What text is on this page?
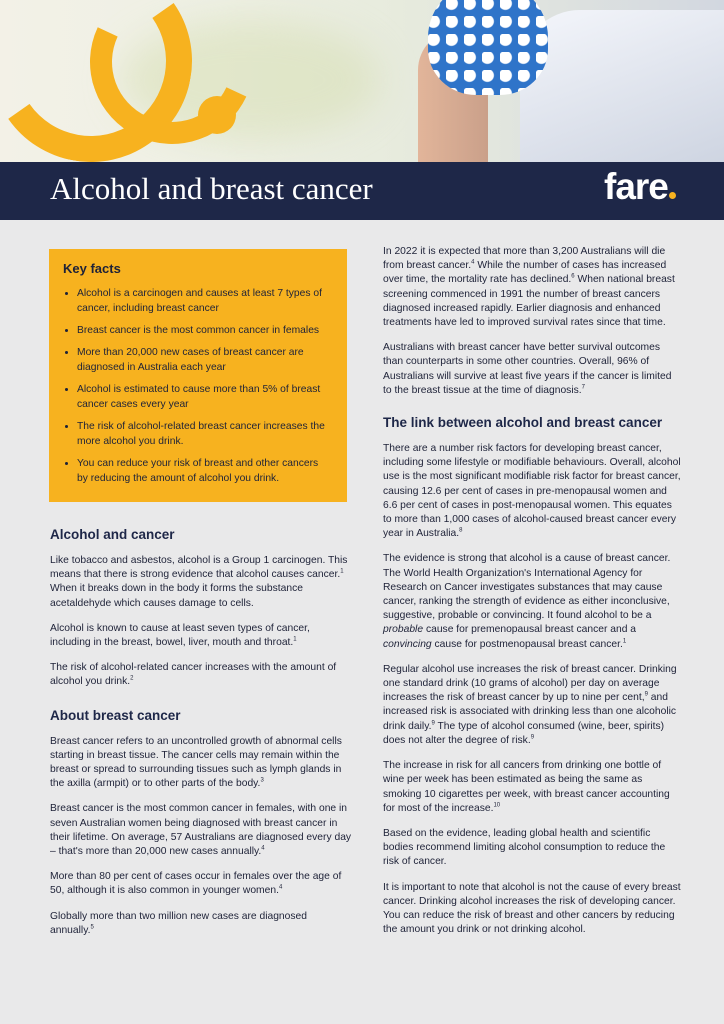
Alcohol and breast cancer	fare
Key facts
• Alcohol is a carcinogen and causes at least 7 types of cancer, including breast cancer
• Breast cancer is the most common cancer in females
• More than 20,000 new cases of breast cancer are diagnosed in Australia each year
• Alcohol is estimated to cause more than 5% of breast cancer cases every year
• The risk of alcohol-related breast cancer increases the more alcohol you drink.
• You can reduce your risk of breast and other cancers by reducing the amount of alcohol you drink.
Alcohol and cancer

Like tobacco and asbestos, alcohol is a Group 1 carcinogen. This means that there is strong evidence that alcohol causes cancer.$^1$ When it breaks down in the body it forms the substance acetaldehyde which causes damage to cells.

Alcohol is known to cause at least seven types of cancer, including in the breast, bowel, liver, mouth and throat.$^1$

The risk of alcohol-related cancer increases with the amount of alcohol you drink.$^2$

About breast cancer

Breast cancer refers to an uncontrolled growth of abnormal cells starting in breast tissue. The cancer cells may remain within the breast or spread to surrounding tissues such as lymph glands in the axilla (armpit) or to other parts of the body.$^3$

Breast cancer is the most common cancer in females, with one in seven Australian women being diagnosed with breast cancer in their lifetime. On average, 57 Australians are diagnosed every day – that's more than 20,000 new cases annually.$^4$

More than 80 per cent of cases occur in females over the age of 50, although it is also common in younger women.$^4$

Globally more than two million new cases are diagnosed annually.$^5$

In 2022 it is expected that more than 3,200 Australians will die from breast cancer.$^4$ While the number of cases has increased over time, the mortality rate has declined.$^6$ When national breast screening commenced in 1991 the number of breast cancers diagnosed increased rapidly. Earlier diagnosis and enhanced treatments have led to improved survival rates since that time.

Australians with breast cancer have better survival outcomes than counterparts in some other countries. Overall, 96% of Australians will survive at least five years if the cancer is limited to the breast tissue at the time of diagnosis.$^7$

The link between alcohol and breast cancer

There are a number risk factors for developing breast cancer, including some lifestyle or modifiable behaviours. Overall, alcohol use is the most significant modifiable risk factor for breast cancer, causing 12.6 per cent of cases in pre-menopausal women and 6.6 per cent of cases in post-menopausal women. This equates to more than 1,000 cases of alcohol-caused breast cancer every year in Australia.$^8$

The evidence is strong that alcohol is a cause of breast cancer. The World Health Organization's International Agency for Research on Cancer investigates substances that may cause cancer, ranking the strength of evidence as either inconclusive, suggestive, probable or convincing. It found alcohol to be a probable cause for premenopausal breast cancer and a convincing cause for postmenopausal breast cancer.$^1$

Regular alcohol use increases the risk of breast cancer. Drinking one standard drink (10 grams of alcohol) per day on average increases the risk of breast cancer by up to nine per cent,$^9$ and increased risk is associated with drinking less than one alcoholic drink daily.$^9$ The type of alcohol consumed (wine, beer, spirits) does not alter the degree of risk.$^9$

The increase in risk for all cancers from drinking one bottle of wine per week has been estimated as being the same as smoking 10 cigarettes per week, with breast cancer accounting for most of the increase.$^{10}$

Based on the evidence, leading global health and scientific bodies recommend limiting alcohol consumption to reduce the risk of cancer.

It is important to note that alcohol is not the cause of every breast cancer. Drinking alcohol increases the risk of developing cancer. You can reduce the risk of breast and other cancers by reducing the amount you drink or not drinking alcohol.
